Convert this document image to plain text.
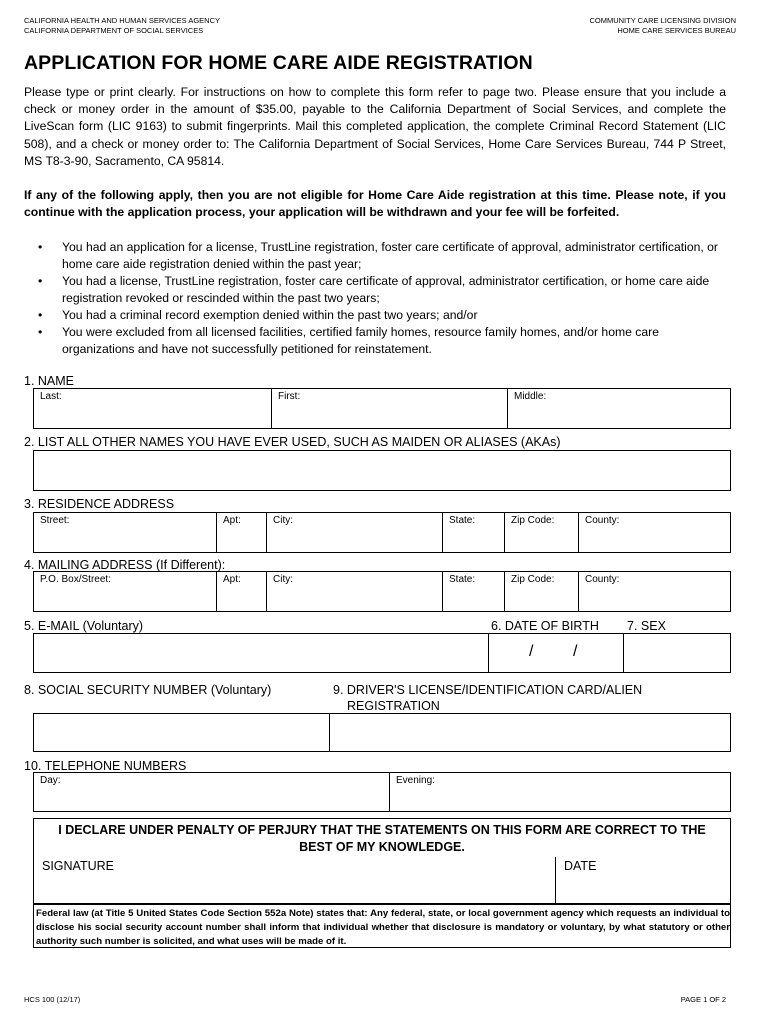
CALIFORNIA HEALTH AND HUMAN SERVICES AGENCY
CALIFORNIA DEPARTMENT OF SOCIAL SERVICES
COMMUNITY CARE LICENSING DIVISION
HOME CARE SERVICES BUREAU
APPLICATION FOR HOME CARE AIDE REGISTRATION
Please type or print clearly. For instructions on how to complete this form refer to page two. Please ensure that you include a check or money order in the amount of $35.00, payable to the California Department of Social Services, and complete the LiveScan form (LIC 9163) to submit fingerprints. Mail this completed application, the complete Criminal Record Statement (LIC 508), and a check or money order to: The California Department of Social Services, Home Care Services Bureau, 744 P Street, MS T8-3-90, Sacramento, CA 95814.
If any of the following apply, then you are not eligible for Home Care Aide registration at this time. Please note, if you continue with the application process, your application will be withdrawn and your fee will be forfeited.
• You had an application for a license, TrustLine registration, foster care certificate of approval, administrator certification, or home care aide registration denied within the past year;
• You had a license, TrustLine registration, foster care certificate of approval, administrator certification, or home care aide registration revoked or rescinded within the past two years;
• You had a criminal record exemption denied within the past two years; and/or
• You were excluded from all licensed facilities, certified family homes, resource family homes, and/or home care organizations and have not successfully petitioned for reinstatement.
1. NAME
Last:	First:	Middle:
2. LIST ALL OTHER NAMES YOU HAVE EVER USED, SUCH AS MAIDEN OR ALIASES (AKAs)
3. RESIDENCE ADDRESS
Street:	Apt:	City:	State:	Zip Code:	County:
4. MAILING ADDRESS (If Different):
P.O. Box/Street:	Apt:	City:	State:	Zip Code:	County:
5. E-MAIL (Voluntary)	6. DATE OF BIRTH 7. SEX
/ /
8. SOCIAL SECURITY NUMBER (Voluntary)	9. DRIVER'S LICENSE/IDENTIFICATION CARD/ALIEN
REGISTRATION
10. TELEPHONE NUMBERS
Day:	Evening:
I DECLARE UNDER PENALTY OF PERJURY THAT THE STATEMENTS ON THIS FORM ARE CORRECT TO THE BEST OF MY KNOWLEDGE.
SIGNATURE	DATE
Federal law (at Title 5 United States Code Section 552a Note) states that: Any federal, state, or local government agency which requests an individual to disclose his social security account number shall inform that individual whether that disclosure is mandatory or voluntary, by what statutory or other authority such number is solicited, and what uses will be made of it.
HCS 100 (12/17)	PAGE 1 OF 2
